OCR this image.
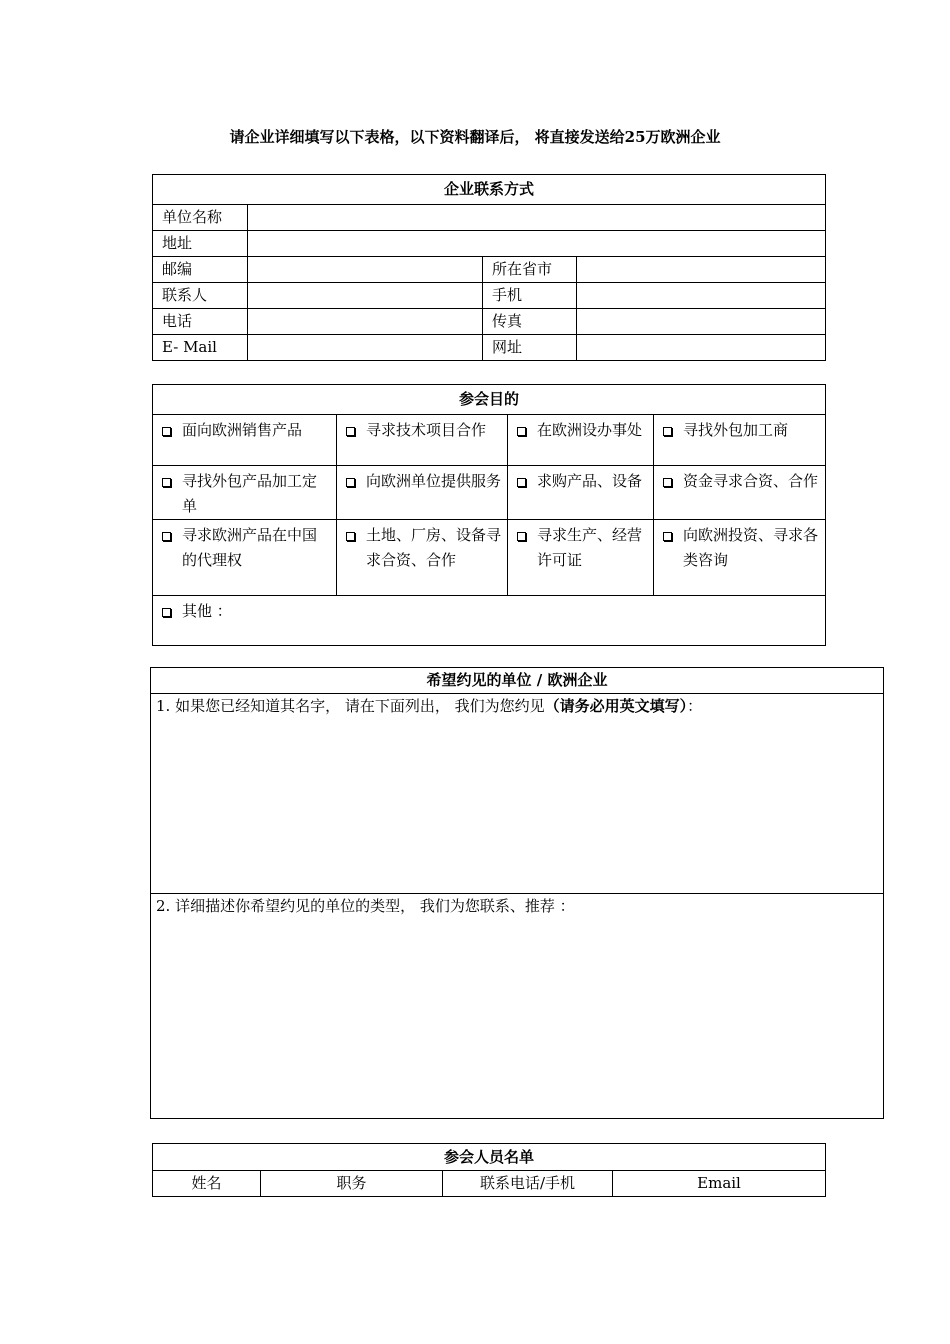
请企业详细填写以下表格，以下资料翻译后， 将直接发送给25万欧洲企业
企业联系方式			
单位名称			
地址			
邮编		所在省市	
联系人		手机	
电话		传真	
E- Mail		网址	
参会目的			

面向欧洲销售产品	寻求技术项目合作	在欧洲设办事处	寻找外包加工商

寻找外包产品加工定单	向欧洲单位提供服务	求购产品、设备	资金寻求合资、合作

寻求欧洲产品在中国的代理权	土地、厂房、设备寻求合资、合作	寻求生产、经营许可证	向欧洲投资、寻求各类咨询

其他 ：			
希望约见的单位 / 欧洲企业
1. 如果您已经知道其名字， 请在下面列出， 我们为您约见（请务必用英文填写）：
2. 详细描述你希望约见的单位的类型， 我们为您联系、推荐 ：
参会人员名单
姓名	职务	联系电话/手机	Email
